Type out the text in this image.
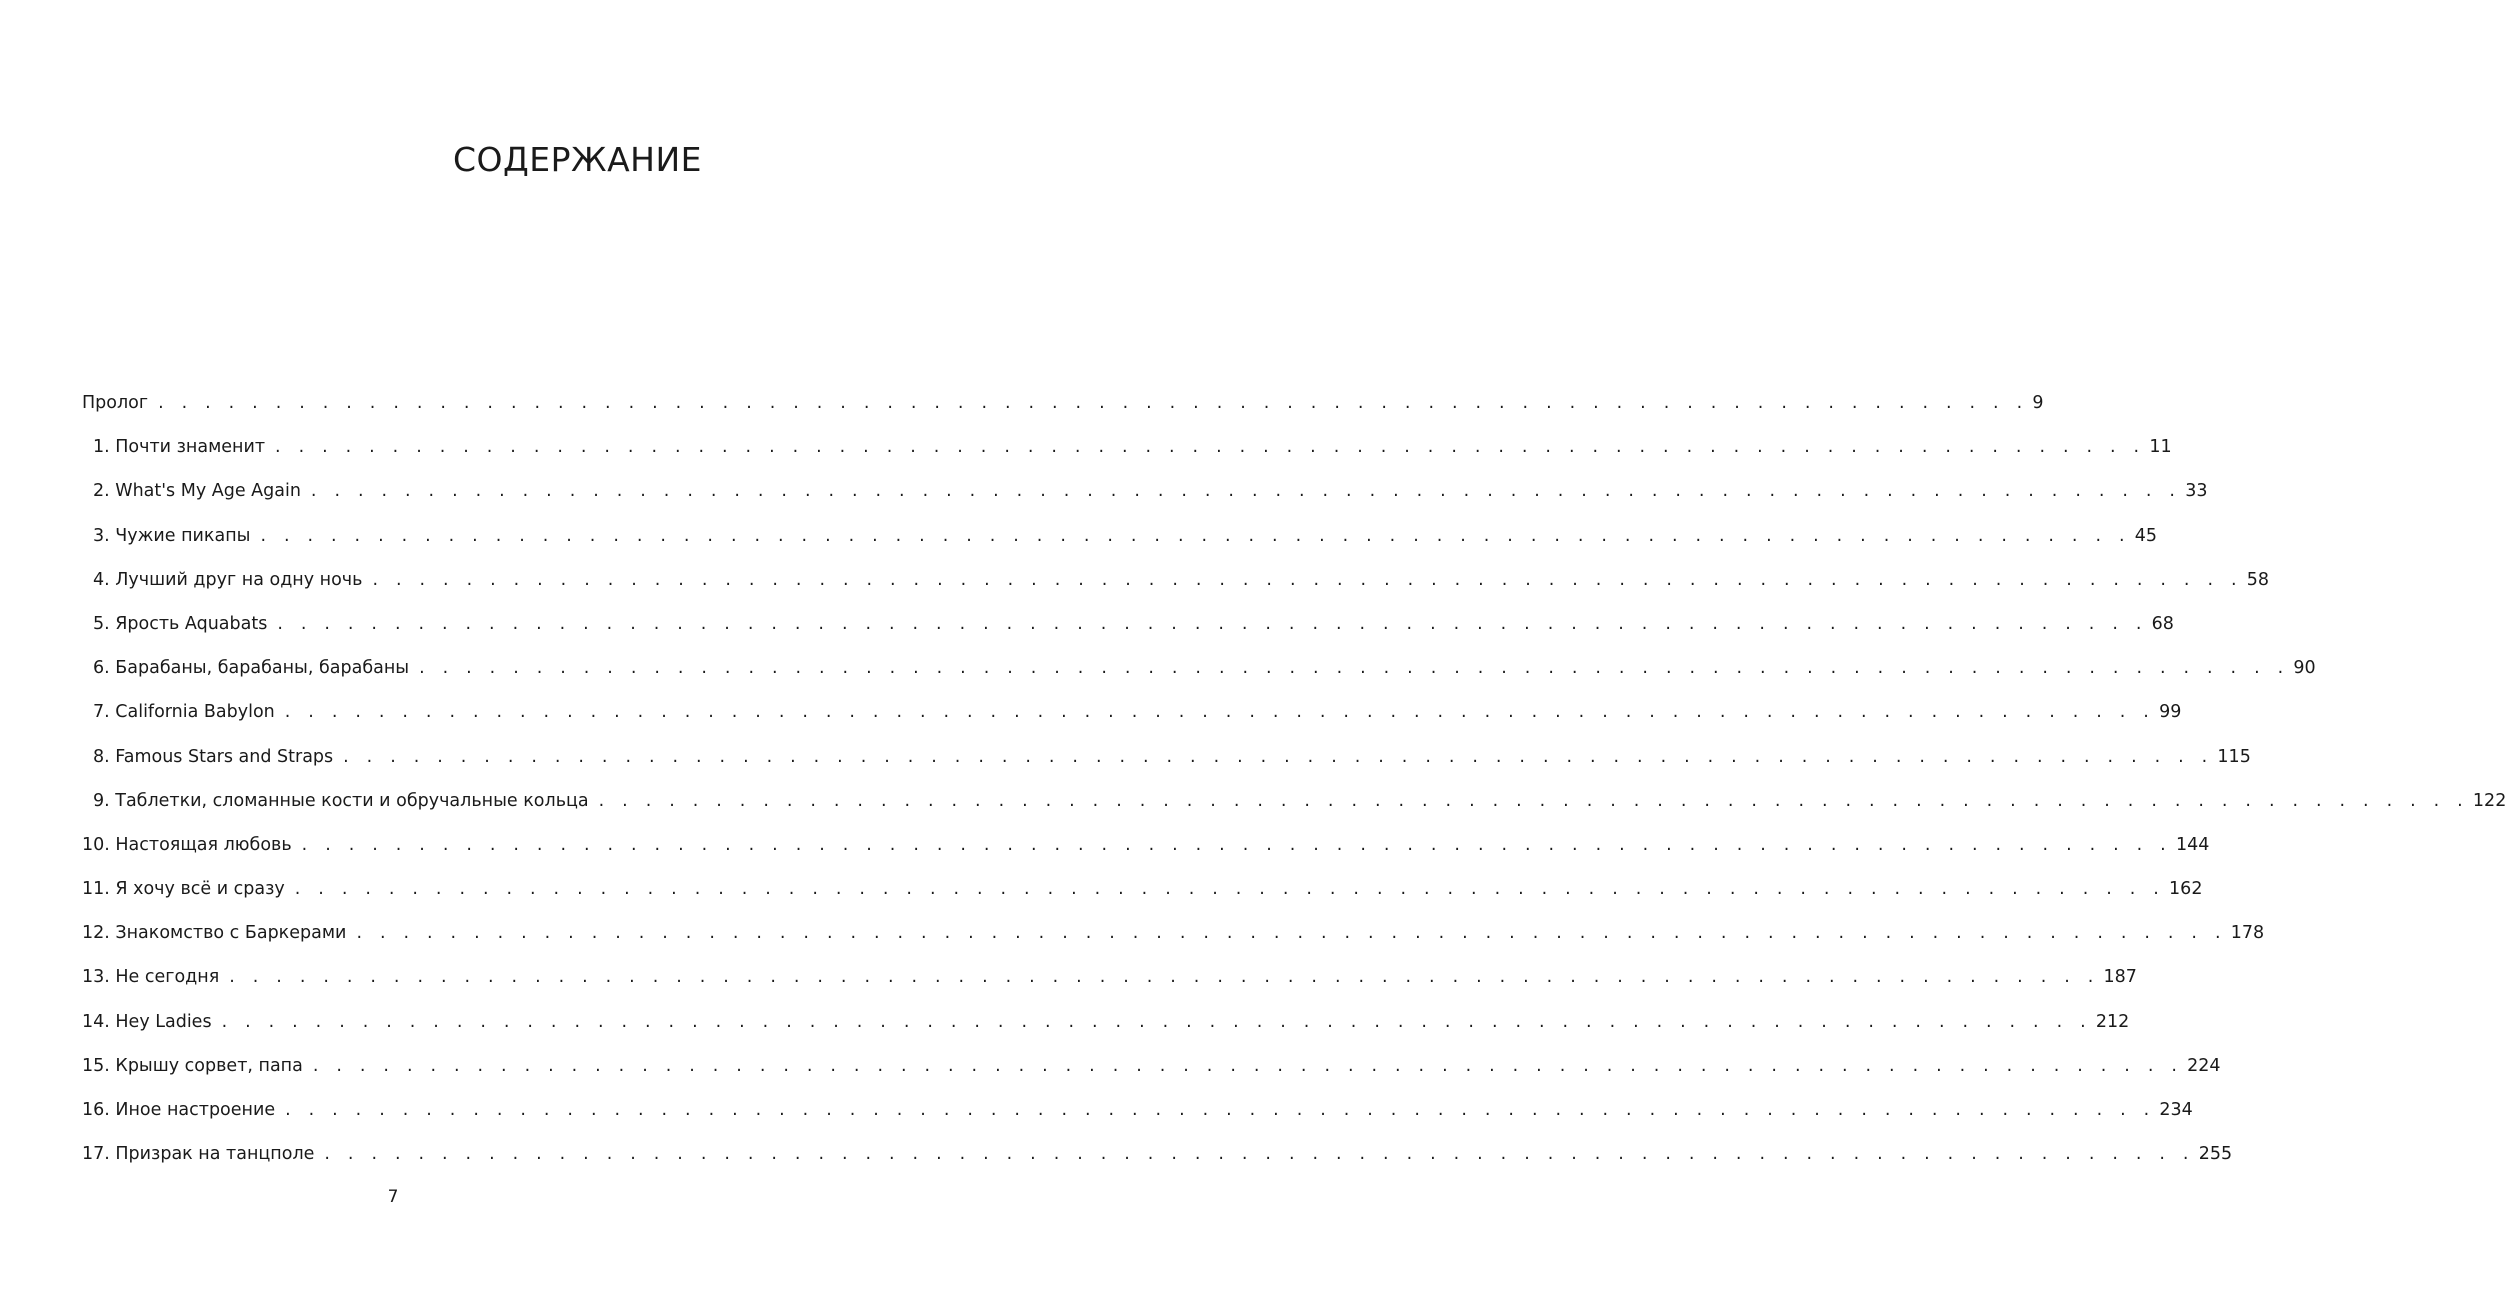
СОДЕРЖАНИЕ
Пролог . . . . . . . . . . . . . . . . . . . . . . . . . . . . . . . . . . . . . . . . . . . . . . . . . . . . . . . . . . . . . . . . . . . . . . . . . . . . . . . . 9
1. Почти знаменит . . . . . . . . . . . . . . . . . . . . . . . . . . . . . . . . . . . . . . . . . . . . . . . . . . . . . . . . . . . . . . . . . . . . . . . . . . . . . . . . 11
2. What's My Age Again . . . . . . . . . . . . . . . . . . . . . . . . . . . . . . . . . . . . . . . . . . . . . . . . . . . . . . . . . . . . . . . . . . . . . . . . . . . . . . . . 33
3. Чужие пикапы . . . . . . . . . . . . . . . . . . . . . . . . . . . . . . . . . . . . . . . . . . . . . . . . . . . . . . . . . . . . . . . . . . . . . . . . . . . . . . . . 45
4. Лучший друг на одну ночь . . . . . . . . . . . . . . . . . . . . . . . . . . . . . . . . . . . . . . . . . . . . . . . . . . . . . . . . . . . . . . . . . . . . . . . . . . . . . . . . 58
5. Ярость Aquabats . . . . . . . . . . . . . . . . . . . . . . . . . . . . . . . . . . . . . . . . . . . . . . . . . . . . . . . . . . . . . . . . . . . . . . . . . . . . . . . . 68
6. Барабаны, барабаны, барабаны . . . . . . . . . . . . . . . . . . . . . . . . . . . . . . . . . . . . . . . . . . . . . . . . . . . . . . . . . . . . . . . . . . . . . . . . . . . . . . . . 90
7. California Babylon . . . . . . . . . . . . . . . . . . . . . . . . . . . . . . . . . . . . . . . . . . . . . . . . . . . . . . . . . . . . . . . . . . . . . . . . . . . . . . . . 99
8. Famous Stars and Straps . . . . . . . . . . . . . . . . . . . . . . . . . . . . . . . . . . . . . . . . . . . . . . . . . . . . . . . . . . . . . . . . . . . . . . . . . . . . . . . . 115
9. Таблетки, сломанные кости и обручальные кольца . . . . . . . . . . . . . . . . . . . . . . . . . . . . . . . . . . . . . . . . . . . . . . . . . . . . . . . . . . . . . . . . . . . . . . . . . . . . . . . . 122
10. Настоящая любовь . . . . . . . . . . . . . . . . . . . . . . . . . . . . . . . . . . . . . . . . . . . . . . . . . . . . . . . . . . . . . . . . . . . . . . . . . . . . . . . . 144
11. Я хочу всё и сразу . . . . . . . . . . . . . . . . . . . . . . . . . . . . . . . . . . . . . . . . . . . . . . . . . . . . . . . . . . . . . . . . . . . . . . . . . . . . . . . . 162
12. Знакомство с Баркерами . . . . . . . . . . . . . . . . . . . . . . . . . . . . . . . . . . . . . . . . . . . . . . . . . . . . . . . . . . . . . . . . . . . . . . . . . . . . . . . . 178
13. Не сегодня . . . . . . . . . . . . . . . . . . . . . . . . . . . . . . . . . . . . . . . . . . . . . . . . . . . . . . . . . . . . . . . . . . . . . . . . . . . . . . . . 187
14. Hey Ladies . . . . . . . . . . . . . . . . . . . . . . . . . . . . . . . . . . . . . . . . . . . . . . . . . . . . . . . . . . . . . . . . . . . . . . . . . . . . . . . . 212
15. Крышу сорвет, папа . . . . . . . . . . . . . . . . . . . . . . . . . . . . . . . . . . . . . . . . . . . . . . . . . . . . . . . . . . . . . . . . . . . . . . . . . . . . . . . . 224
16. Иное настроение . . . . . . . . . . . . . . . . . . . . . . . . . . . . . . . . . . . . . . . . . . . . . . . . . . . . . . . . . . . . . . . . . . . . . . . . . . . . . . . . 234
17. Призрак на танцполе . . . . . . . . . . . . . . . . . . . . . . . . . . . . . . . . . . . . . . . . . . . . . . . . . . . . . . . . . . . . . . . . . . . . . . . . . . . . . . . . 255
7
